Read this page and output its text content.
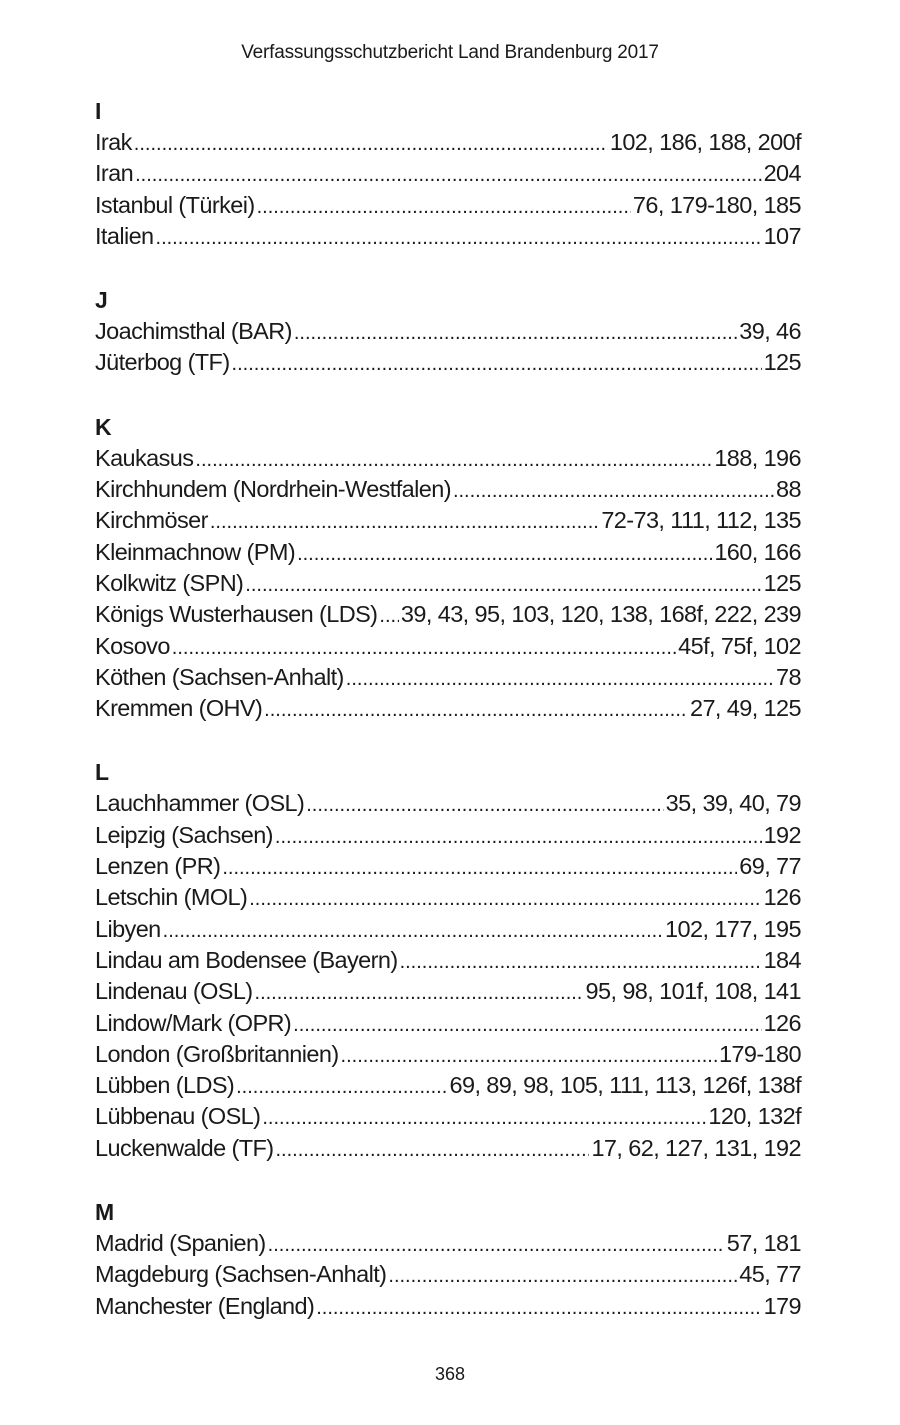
Verfassungsschutzbericht Land Brandenburg 2017
I
Irak .....	102, 186, 188, 200f
Iran .....	204
Istanbul (Türkei) .....	76, 179-180, 185
Italien .....	107
J
Joachimsthal (BAR) .....	39, 46
Jüterbog (TF) .....	125
K
Kaukasus .....	188, 196
Kirchhundem (Nordrhein-Westfalen) .....	88
Kirchmöser .....	72-73, 111, 112, 135
Kleinmachnow (PM) .....	160, 166
Kolkwitz (SPN) .....	125
Königs Wusterhausen (LDS) ..... 39, 43, 95, 103, 120, 138, 168f, 222, 239
Kosovo .....	45f, 75f, 102
Köthen (Sachsen-Anhalt) .....	78
Kremmen (OHV) .....	27, 49, 125
L
Lauchhammer (OSL) .....	35, 39, 40, 79
Leipzig (Sachsen) .....	192
Lenzen (PR) .....	69, 77
Letschin (MOL) .....	126
Libyen .....	102, 177, 195
Lindau am Bodensee (Bayern) .....	184
Lindenau (OSL) .....	95, 98, 101f, 108, 141
Lindow/Mark (OPR) .....	126
London (Großbritannien) .....	179-180
Lübben (LDS) .....	69, 89, 98, 105, 111, 113, 126f, 138f
Lübbenau (OSL) .....	120, 132f
Luckenwalde (TF) .....	17, 62, 127, 131, 192
M
Madrid (Spanien) .....	57, 181
Magdeburg (Sachsen-Anhalt) .....	45, 77
Manchester (England) .....	179
368
